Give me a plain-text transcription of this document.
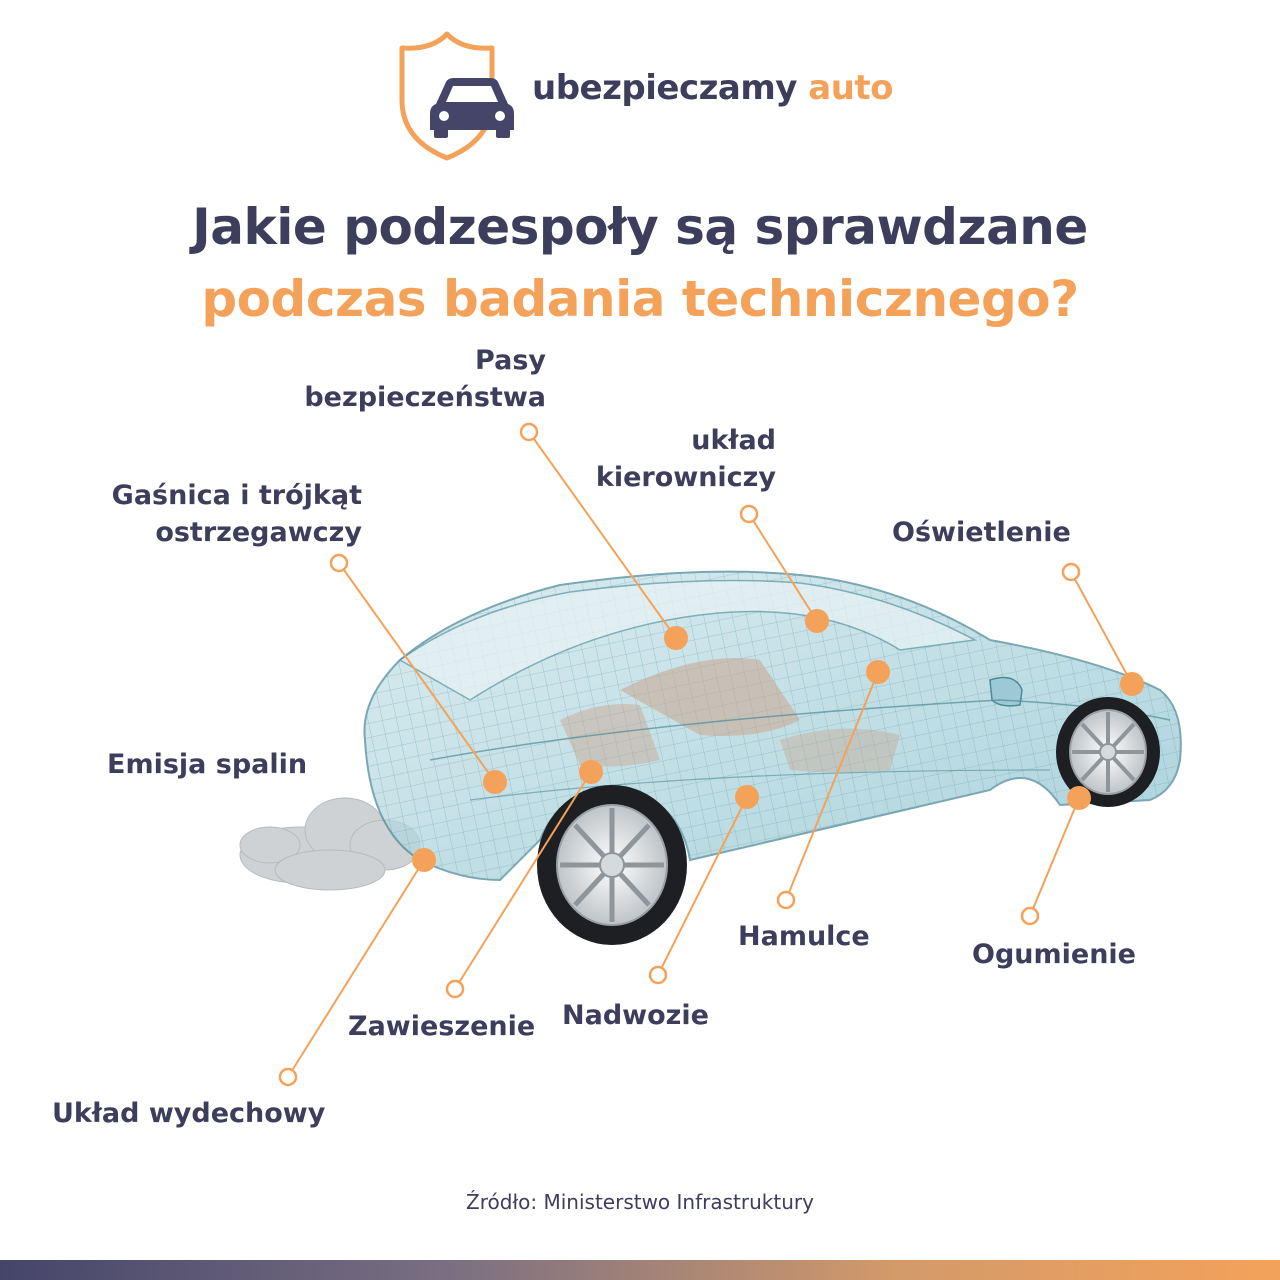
ubezpieczamy auto
Jakie podzespoły są sprawdzane
podczas badania technicznego?
Pasy
bezpieczeństwa
układ
kierowniczy
Gaśnica i trójkąt
ostrzegawczy	Oświetlenie
Emisja spalin
Hamulce
Ogumienie
Zawieszenie Nadwozie
Układ wydechowy
Źródło: Ministerstwo Infrastruktury
